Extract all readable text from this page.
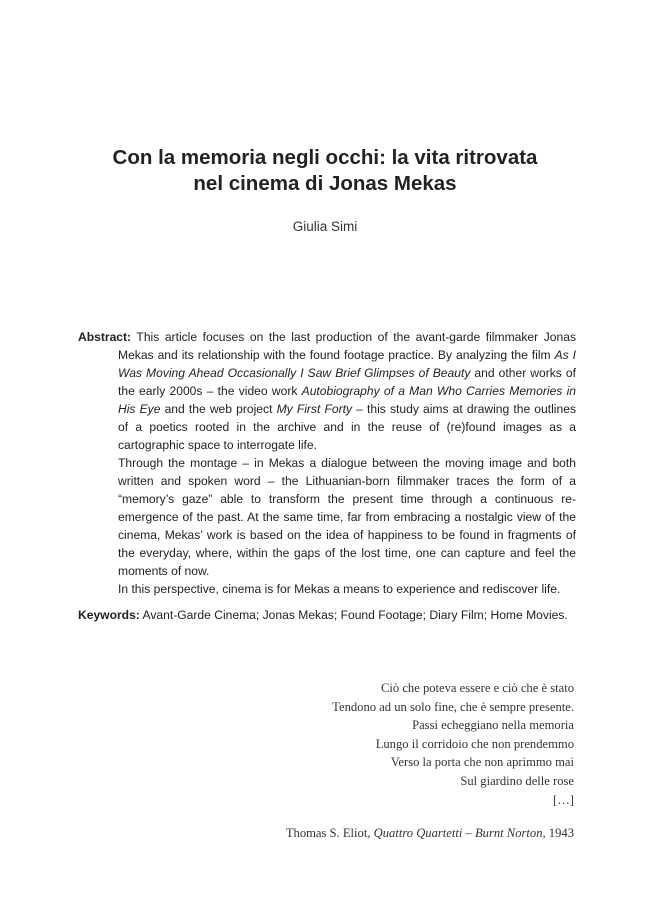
Con la memoria negli occhi: la vita ritrovata
nel cinema di Jonas Mekas
Giulia Simi

Abstract: This article focuses on the last production of the avant-garde filmmaker Jonas Mekas and its relationship with the found footage practice. By analyzing the film As I Was Moving Ahead Occasionally I Saw Brief Glimpses of Beauty and other works of the early 2000s – the video work Autobiography of a Man Who Carries Memories in His Eye and the web project My First Forty – this study aims at drawing the outlines of a poetics rooted in the archive and in the reuse of (re)found images as a cartographic space to interrogate life.

Through the montage – in Mekas a dialogue between the moving image and both written and spoken word – the Lithuanian-born filmmaker traces the form of a “memory’s gaze” able to transform the present time through a continuous reemergence of the past. At the same time, far from embracing a nostalgic view of the cinema, Mekas’ work is based on the idea of happiness to be found in fragments of the everyday, where, within the gaps of the lost time, one can capture and feel the moments of now.

In this perspective, cinema is for Mekas a means to experience and rediscover life.

Keywords: Avant-Garde Cinema; Jonas Mekas; Found Footage; Diary Film; Home Movies.
Ciò che poteva essere e ciò che è stato
Tendono ad un solo fine, che è sempre presente.
Passi echeggiano nella memoria
Lungo il corridoio che non prendemmo
Verso la porta che non aprimmo mai
Sul giardino delle rose
[…]
Thomas S. Eliot, Quattro Quartetti – Burnt Norton, 1943
